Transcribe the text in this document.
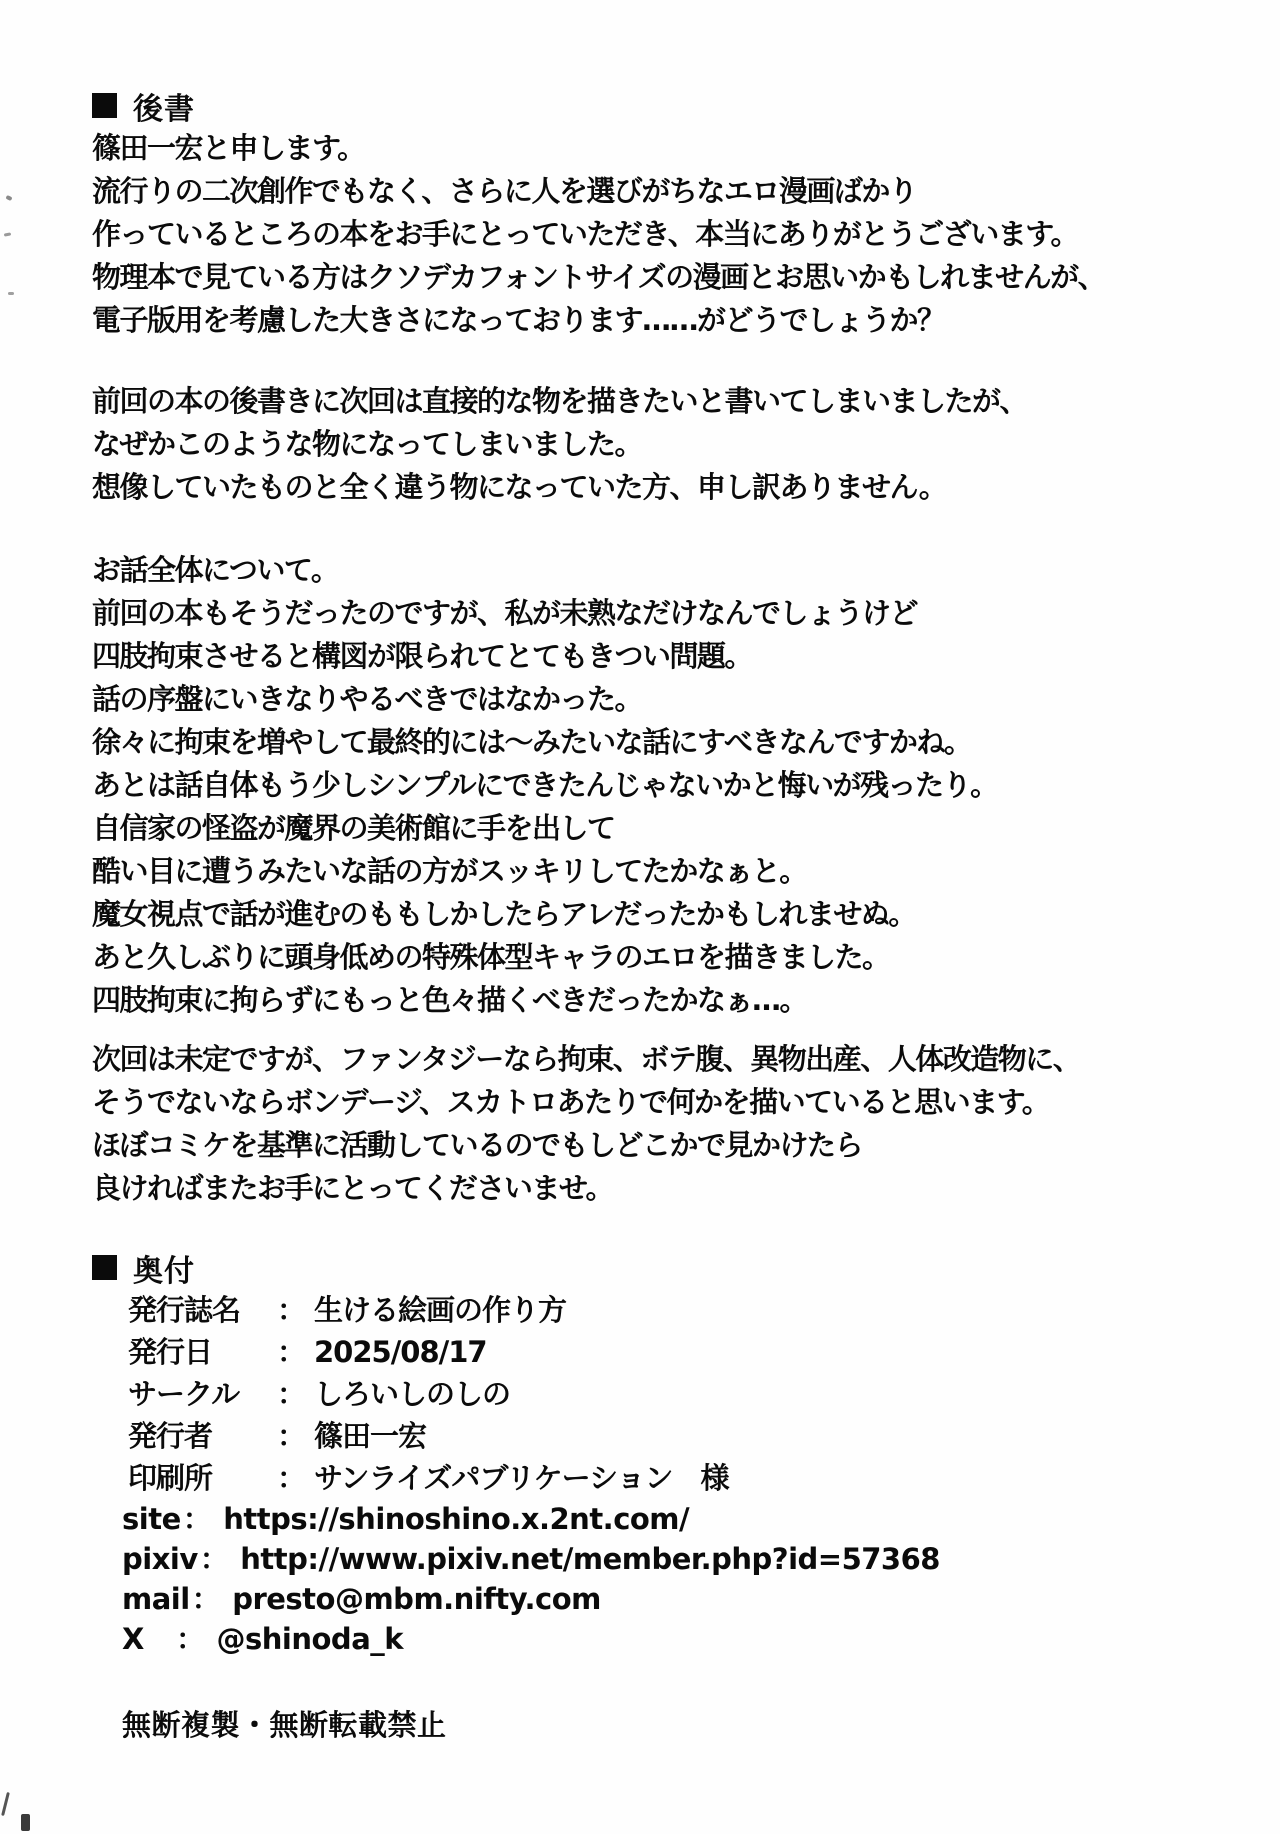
後書
篠田一宏と申します。
流行りの二次創作でもなく、さらに人を選びがちなエロ漫画ばかり
作っているところの本をお手にとっていただき、本当にありがとうございます。
物理本で見ている方はクソデカフォントサイズの漫画とお思いかもしれませんが、
電子版用を考慮した大きさになっております……がどうでしょうか？
前回の本の後書きに次回は直接的な物を描きたいと書いてしまいましたが、
なぜかこのような物になってしまいました。
想像していたものと全く違う物になっていた方、申し訳ありません。
お話全体について。
前回の本もそうだったのですが、私が未熟なだけなんでしょうけど
四肢拘束させると構図が限られてとてもきつい問題。
話の序盤にいきなりやるべきではなかった。
徐々に拘束を増やして最終的には～みたいな話にすべきなんですかね。
あとは話自体もう少しシンプルにできたんじゃないかと悔いが残ったり。
自信家の怪盗が魔界の美術館に手を出して
酷い目に遭うみたいな話の方がスッキリしてたかなぁと。
魔女視点で話が進むのももしかしたらアレだったかもしれませぬ。
あと久しぶりに頭身低めの特殊体型キャラのエロを描きました。
四肢拘束に拘らずにもっと色々描くべきだったかなぁ…。
次回は未定ですが、ファンタジーなら拘束、ボテ腹、異物出産、人体改造物に、
そうでないならボンデージ、スカトロあたりで何かを描いていると思います。
ほぼコミケを基準に活動しているのでもしどこかで見かけたら
良ければまたお手にとってくださいませ。
奥付
発行誌名	： 生ける絵画の作り方
発行日	： 2025/08/17
サークル	： しろいしのしの
発行者	： 篠田一宏
印刷所	： サンライズパブリケーション　様
site ： https://shinoshino.x.2nt.com/
pixiv ： http://www.pixiv.net/member.php?id=57368
mail ： presto@mbm.nifty.com
X	： @shinoda_k
無断複製・無断転載禁止
